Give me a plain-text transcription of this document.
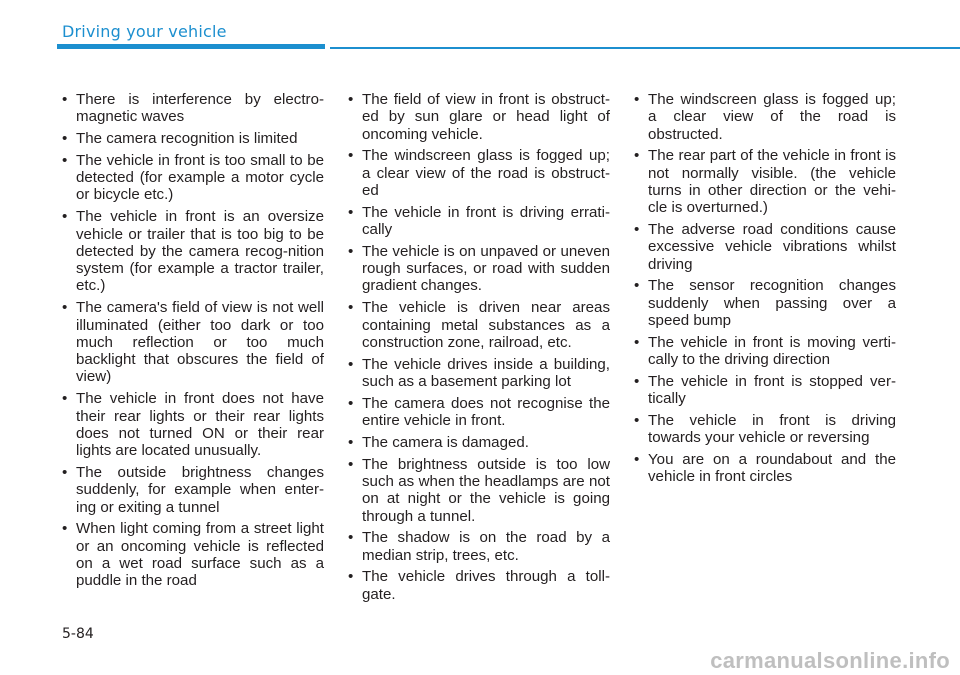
Driving your vehicle
• There is interference by electro-magnetic waves
• The camera recognition is limited
• The vehicle in front is too small to be detected (for example a motor cycle or bicycle etc.)
• The vehicle in front is an oversize vehicle or trailer that is too big to be detected by the camera recog-nition system (for example a tractor trailer, etc.)
• The camera's field of view is not well illuminated (either too dark or too much reflection or too much backlight that obscures the field of view)
• The vehicle in front does not have their rear lights or their rear lights does not turned ON or their rear lights are located unusually.
• The outside brightness changes suddenly, for example when enter-ing or exiting a tunnel
• When light coming from a street light or an oncoming vehicle is reflected on a wet road surface such as a puddle in the road
• The field of view in front is obstruct-ed by sun glare or head light of oncoming vehicle.
• The windscreen glass is fogged up; a clear view of the road is obstruct-ed
• The vehicle in front is driving errati-cally
• The vehicle is on unpaved or uneven rough surfaces, or road with sudden gradient changes.
• The vehicle is driven near areas containing metal substances as a construction zone, railroad, etc.
• The vehicle drives inside a building, such as a basement parking lot
• The camera does not recognise the entire vehicle in front.
• The camera is damaged.
• The brightness outside is too low such as when the headlamps are not on at night or the vehicle is going through a tunnel.
• The shadow is on the road by a median strip, trees, etc.
• The vehicle drives through a toll-gate.
• The windscreen glass is fogged up; a clear view of the road is obstructed.
• The rear part of the vehicle in front is not normally visible. (the vehicle turns in other direction or the vehi-cle is overturned.)
• The adverse road conditions cause excessive vehicle vibrations whilst driving
• The sensor recognition changes suddenly when passing over a speed bump
• The vehicle in front is moving verti-cally to the driving direction
• The vehicle in front is stopped ver-tically
• The vehicle in front is driving towards your vehicle or reversing
• You are on a roundabout and the vehicle in front circles
5-84
carmanualsonline.info
